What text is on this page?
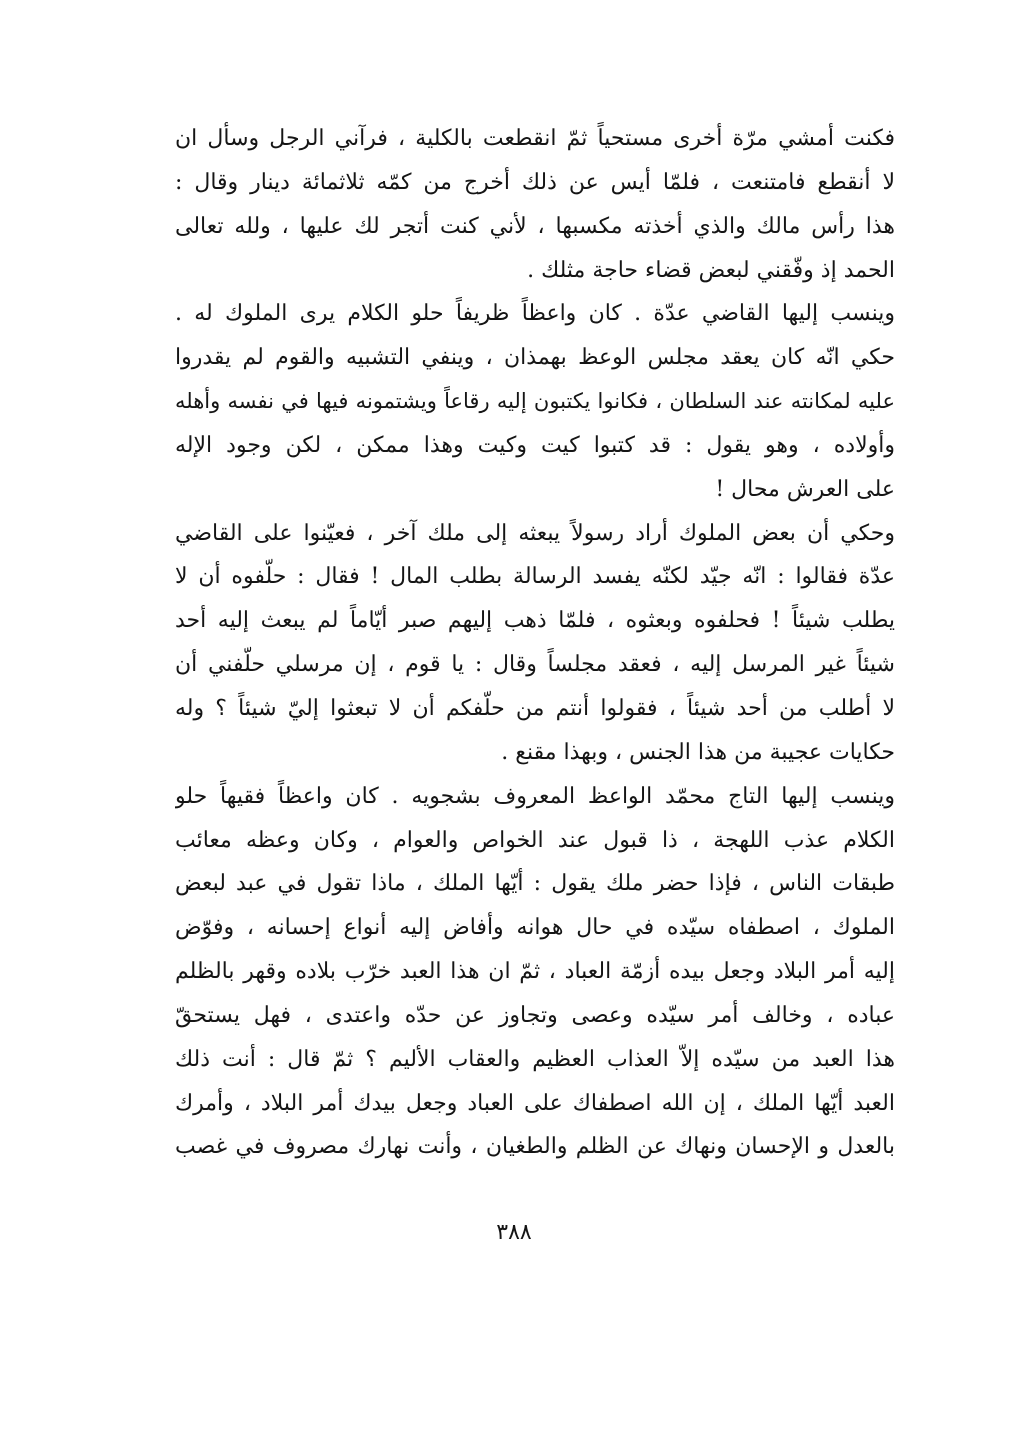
فكنت أمشي مرّة أخرى مستحياً ثمّ انقطعت بالكلية ، فرآني الرجل وسأل ان
لا أنقطع فامتنعت ، فلمّا أيس عن ذلك أخرج من كمّه ثلاثمائة دينار وقال :
هذا رأس مالك والذي أخذته مكسبها ، لأني كنت أتجر لك عليها ، ولله تعالى
الحمد إذ وفّقني لبعض قضاء حاجة مثلك .
وينسب إليها القاضي عدّة . كان واعظاً ظريفاً حلو الكلام يرى الملوك له .
حكي انّه كان يعقد مجلس الوعظ بهمذان ، وينفي التشبيه والقوم لم يقدروا
عليه لمكانته عند السلطان ، فكانوا يكتبون إليه رقاعاً ويشتمونه فيها في نفسه وأهله
وأولاده ، وهو يقول : قد كتبوا كيت وكيت وهذا ممكن ، لكن وجود الإله
على العرش محال !
وحكي أن بعض الملوك أراد رسولاً يبعثه إلى ملك آخر ، فعيّنوا على القاضي
عدّة فقالوا : انّه جيّد لكنّه يفسد الرسالة بطلب المال ! فقال : حلّفوه أن لا
يطلب شيئاً ! فحلفوه وبعثوه ، فلمّا ذهب إليهم صبر أيّاماً لم يبعث إليه أحد
شيئاً غير المرسل إليه ، فعقد مجلساً وقال : يا قوم ، إن مرسلي حلّفني أن
لا أطلب من أحد شيئاً ، فقولوا أنتم من حلّفكم أن لا تبعثوا إليّ شيئاً ؟ وله
حكايات عجيبة من هذا الجنس ، وبهذا مقنع .
وينسب إليها التاج محمّد الواعظ المعروف بشجويه . كان واعظاً فقيهاً حلو
الكلام عذب اللهجة ، ذا قبول عند الخواص والعوام ، وكان وعظه معائب
طبقات الناس ، فإذا حضر ملك يقول : أيّها الملك ، ماذا تقول في عبد لبعض
الملوك ، اصطفاه سيّده في حال هوانه وأفاض إليه أنواع إحسانه ، وفوّض
إليه أمر البلاد وجعل بيده أزمّة العباد ، ثمّ ان هذا العبد خرّب بلاده وقهر بالظلم
عباده ، وخالف أمر سيّده وعصى وتجاوز عن حدّه واعتدى ، فهل يستحقّ
هذا العبد من سيّده إلاّ العذاب العظيم والعقاب الأليم ؟ ثمّ قال : أنت ذلك
العبد أيّها الملك ، إن الله اصطفاك على العباد وجعل بيدك أمر البلاد ، وأمرك
بالعدل و الإحسان ونهاك عن الظلم والطغيان ، وأنت نهارك مصروف في غصب
٣٨٨
